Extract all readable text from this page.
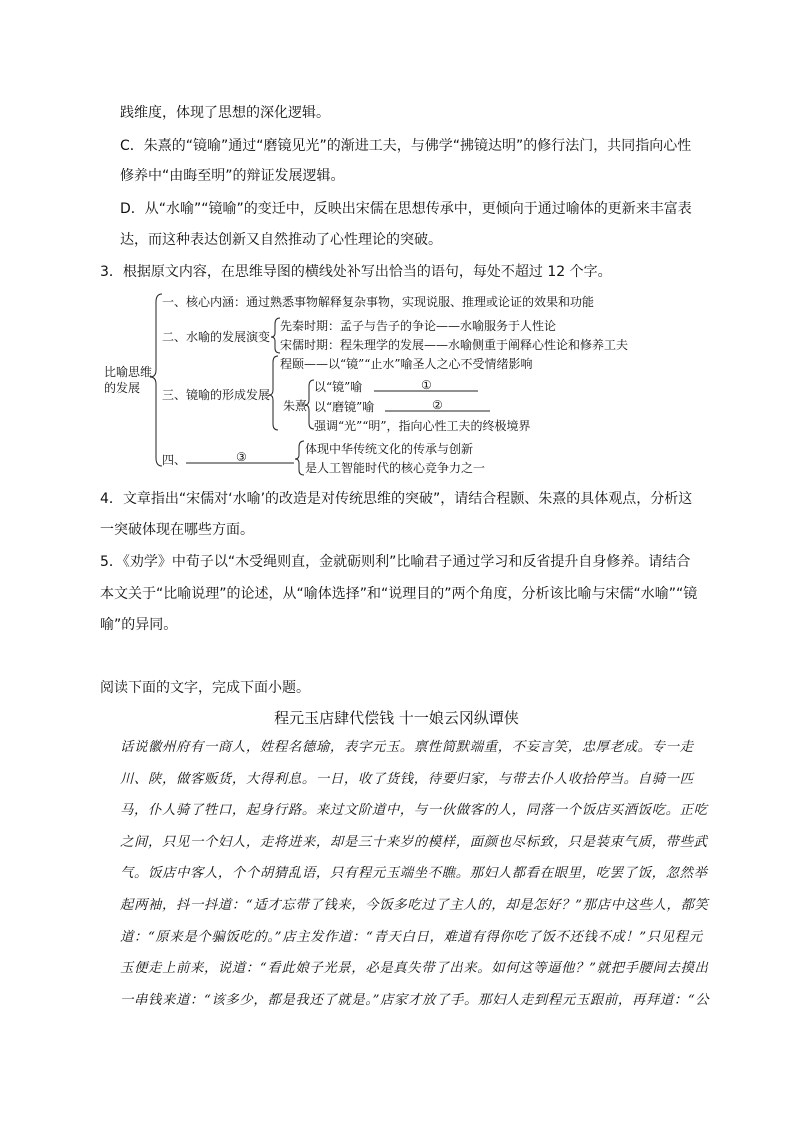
践维度，体现了思想的深化逻辑。
C．朱熹的“镜喻”通过“磨镜见光”的渐进工夫，与佛学“拂镜达明”的修行法门，共同指向心性
修养中“由晦至明”的辩证发展逻辑。
D．从“水喻”“镜喻”的变迁中，反映出宋儒在思想传承中，更倾向于通过喻体的更新来丰富表
达，而这种表达创新又自然推动了心性理论的突破。
3．根据原文内容，在思维导图的横线处补写出恰当的语句，每处不超过 12 个字。
比喻思维
的发展
一、核心内涵：通过熟悉事物解释复杂事物，实现说服、推理或论证的效果和功能
二、水喻的发展演变
先秦时期：孟子与告子的争论——水喻服务于人性论
宋儒时期：程朱理学的发展——水喻侧重于阐释心性论和修养工夫
三、镜喻的形成发展
程颐——以“镜”“止水”喻圣人之心不受情绪影响
朱熹
以“镜”喻	①
以“磨镜”喻	②
强调“光”“明”，指向心性工夫的终极境界
四、	③
体现中华传统文化的传承与创新
是人工智能时代的核心竞争力之一
4．文章指出“宋儒对‘水喻’的改造是对传统思维的突破”，请结合程颢、朱熹的具体观点，分析这
一突破体现在哪些方面。
5．《劝学》中荀子以“木受绳则直，金就砺则利”比喻君子通过学习和反省提升自身修养。请结合
本文关于“比喻说理”的论述，从“喻体选择”和“说理目的”两个角度，分析该比喻与宋儒“水喻”“镜
喻”的异同。
阅读下面的文字，完成下面小题。
程元玉店肆代偿钱 十一娘云冈纵谭侠
话说徽州府有一商人，姓程名德瑜，表字元玉。禀性简默端重，不妄言笑，忠厚老成。专一走
川、陕，做客贩货，大得利息。一日，收了货钱，待要归家，与带去仆人收拾停当。自骑一匹
马，仆人骑了牲口，起身行路。来过文阶道中，与一伙做客的人，同落一个饭店买酒饭吃。正吃
之间，只见一个妇人，走将进来，却是三十来岁的模样，面颜也尽标致，只是装束气质，带些武
气。饭店中客人，个个胡猜乱语，只有程元玉端坐不瞧。那妇人都看在眼里，吃罢了饭，忽然举
起两袖，抖一抖道：“适才忘带了钱来，今饭多吃过了主人的，却是怎好？”那店中这些人，都笑
道：“原来是个骗饭吃的。”店主发作道：“青天白日，难道有得你吃了饭不还钱不成！”只见程元
玉便走上前来，说道：“看此娘子光景，必是真失带了出来。如何这等逼他？”就把手腰间去摸出
一串钱来道：“该多少，都是我还了就是。”店家才放了手。那妇人走到程元玉跟前，再拜道：“公
